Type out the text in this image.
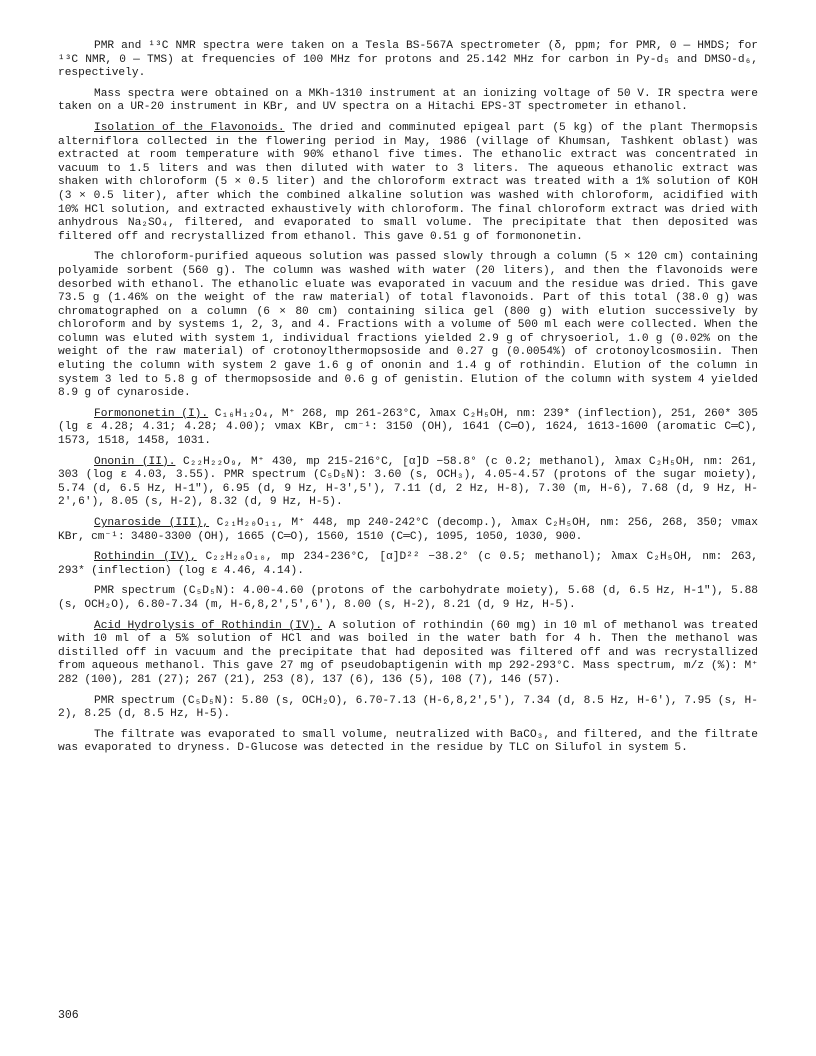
PMR and ¹³C NMR spectra were taken on a Tesla BS-567A spectrometer (δ, ppm; for PMR, 0 — HMDS; for ¹³C NMR, 0 — TMS) at frequencies of 100 MHz for protons and 25.142 MHz for carbon in Py-d₅ and DMSO-d₆, respectively.

Mass spectra were obtained on a MKh-1310 instrument at an ionizing voltage of 50 V. IR spectra were taken on a UR-20 instrument in KBr, and UV spectra on a Hitachi EPS-3T spectrometer in ethanol.

Isolation of the Flavonoids. The dried and comminuted epigeal part (5 kg) of the plant Thermopsis alterniflora collected in the flowering period in May, 1986 (village of Khumsan, Tashkent oblast) was extracted at room temperature with 90% ethanol five times. The ethanolic extract was concentrated in vacuum to 1.5 liters and was then diluted with water to 3 liters. The aqueous ethanolic extract was shaken with chloroform (5 × 0.5 liter) and the chloroform extract was treated with a 1% solution of KOH (3 × 0.5 liter), after which the combined alkaline solution was washed with chloroform, acidified with 10% HCl solution, and extracted exhaustively with chloroform. The final chloroform extract was dried with anhydrous Na₂SO₄, filtered, and evaporated to small volume. The precipitate that then deposited was filtered off and recrystallized from ethanol. This gave 0.51 g of formononetin.

The chloroform-purified aqueous solution was passed slowly through a column (5 × 120 cm) containing polyamide sorbent (560 g). The column was washed with water (20 liters), and then the flavonoids were desorbed with ethanol. The ethanolic eluate was evaporated in vacuum and the residue was dried. This gave 73.5 g (1.46% on the weight of the raw material) of total flavonoids. Part of this total (38.0 g) was chromatographed on a column (6 × 80 cm) containing silica gel (800 g) with elution successively by chloroform and by systems 1, 2, 3, and 4. Fractions with a volume of 500 ml each were collected. When the column was eluted with system 1, individual fractions yielded 2.9 g of chrysoeriol, 1.0 g (0.02% on the weight of the raw material) of crotonoylthermopsoside and 0.27 g (0.0054%) of crotonoylcosmosiin. Then eluting the column with system 2 gave 1.6 g of ononin and 1.4 g of rothindin. Elution of the column in system 3 led to 5.8 g of thermopsoside and 0.6 g of genistin. Elution of the column with system 4 yielded 8.9 g of cynaroside.

Formononetin (I). C₁₆H₁₂O₄, M⁺ 268, mp 261-263°C, λmax C₂H₅OH, nm: 239* (inflection), 251, 260* 305 (lg ε 4.28; 4.31; 4.28; 4.00); νmax KBr, cm⁻¹: 3150 (OH), 1641 (C═O), 1624, 1613-1600 (aromatic C═C), 1573, 1518, 1458, 1031.

Ononin (II). C₂₂H₂₂O₉, M⁺ 430, mp 215-216°C, [α]D −58.8° (c 0.2; methanol), λmax C₂H₅OH, nm: 261, 303 (log ε 4.03, 3.55). PMR spectrum (C₅D₅N): 3.60 (s, OCH₃), 4.05-4.57 (protons of the sugar moiety), 5.74 (d, 6.5 Hz, H-1″), 6.95 (d, 9 Hz, H-3′,5′), 7.11 (d, 2 Hz, H-8), 7.30 (m, H-6), 7.68 (d, 9 Hz, H-2′,6′), 8.05 (s, H-2), 8.32 (d, 9 Hz, H-5).

Cynaroside (III), C₂₁H₂₀O₁₁, M⁺ 448, mp 240-242°C (decomp.), λmax C₂H₅OH, nm: 256, 268, 350; νmax KBr, cm⁻¹: 3480-3300 (OH), 1665 (C═O), 1560, 1510 (C═C), 1095, 1050, 1030, 900.

Rothindin (IV), C₂₂H₂₀O₁₀, mp 234-236°C, [α]D²² −38.2° (c 0.5; methanol); λmax C₂H₅OH, nm: 263, 293* (inflection) (log ε 4.46, 4.14).

PMR spectrum (C₅D₅N): 4.00-4.60 (protons of the carbohydrate moiety), 5.68 (d, 6.5 Hz, H-1″), 5.88 (s, OCH₂O), 6.80-7.34 (m, H-6,8,2′,5′,6′), 8.00 (s, H-2), 8.21 (d, 9 Hz, H-5).

Acid Hydrolysis of Rothindin (IV). A solution of rothindin (60 mg) in 10 ml of methanol was treated with 10 ml of a 5% solution of HCl and was boiled in the water bath for 4 h. Then the methanol was distilled off in vacuum and the precipitate that had deposited was filtered off and was recrystallized from aqueous methanol. This gave 27 mg of pseudobaptigenin with mp 292-293°C. Mass spectrum, m/z (%): M⁺ 282 (100), 281 (27); 267 (21), 253 (8), 137 (6), 136 (5), 108 (7), 146 (57).

PMR spectrum (C₅D₅N): 5.80 (s, OCH₂O), 6.70-7.13 (H-6,8,2′,5′), 7.34 (d, 8.5 Hz, H-6′), 7.95 (s, H-2), 8.25 (d, 8.5 Hz, H-5).

The filtrate was evaporated to small volume, neutralized with BaCO₃, and filtered, and the filtrate was evaporated to dryness. D-Glucose was detected in the residue by TLC on Silufol in system 5.

306
